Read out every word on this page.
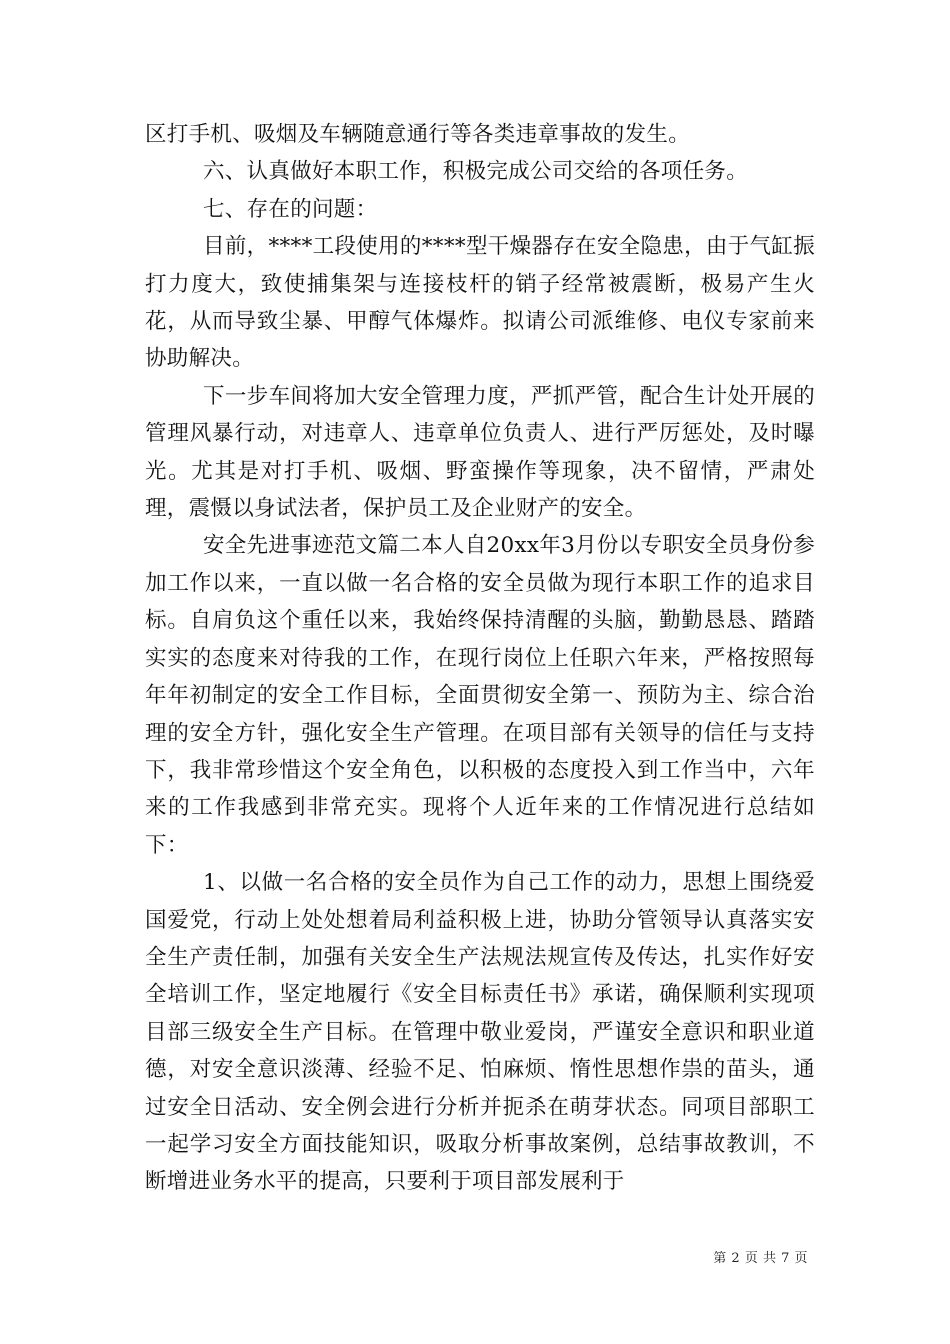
区打手机、吸烟及车辆随意通行等各类违章事故的发生。

六、认真做好本职工作，积极完成公司交给的各项任务。

七、存在的问题：

目前，****工段使用的****型干燥器存在安全隐患，由于气缸振打力度大，致使捕集架与连接枝杆的销子经常被震断，极易产生火花，从而导致尘暴、甲醇气体爆炸。拟请公司派维修、电仪专家前来协助解决。

下一步车间将加大安全管理力度，严抓严管，配合生计处开展的管理风暴行动，对违章人、违章单位负责人、进行严厉惩处，及时曝光。尤其是对打手机、吸烟、野蛮操作等现象，决不留情，严肃处理，震慑以身试法者，保护员工及企业财产的安全。

安全先进事迹范文篇二本人自20xx年3月份以专职安全员身份参加工作以来，一直以做一名合格的安全员做为现行本职工作的追求目标。自肩负这个重任以来，我始终保持清醒的头脑，勤勤恳恳、踏踏实实的态度来对待我的工作，在现行岗位上任职六年来，严格按照每年年初制定的安全工作目标，全面贯彻安全第一、预防为主、综合治理的安全方针，强化安全生产管理。在项目部有关领导的信任与支持下，我非常珍惜这个安全角色，以积极的态度投入到工作当中，六年来的工作我感到非常充实。现将个人近年来的工作情况进行总结如下：

1、以做一名合格的安全员作为自己工作的动力，思想上围绕爱国爱党，行动上处处想着局利益积极上进，协助分管领导认真落实安全生产责任制，加强有关安全生产法规法规宣传及传达，扎实作好安全培训工作，坚定地履行《安全目标责任书》承诺，确保顺利实现项目部三级安全生产目标。在管理中敬业爱岗，严谨安全意识和职业道德，对安全意识淡薄、经验不足、怕麻烦、惰性思想作祟的苗头，通过安全日活动、安全例会进行分析并扼杀在萌芽状态。同项目部职工一起学习安全方面技能知识，吸取分析事故案例，总结事故教训，不断增进业务水平的提高，只要利于项目部发展利于

第 2 页 共 7 页
